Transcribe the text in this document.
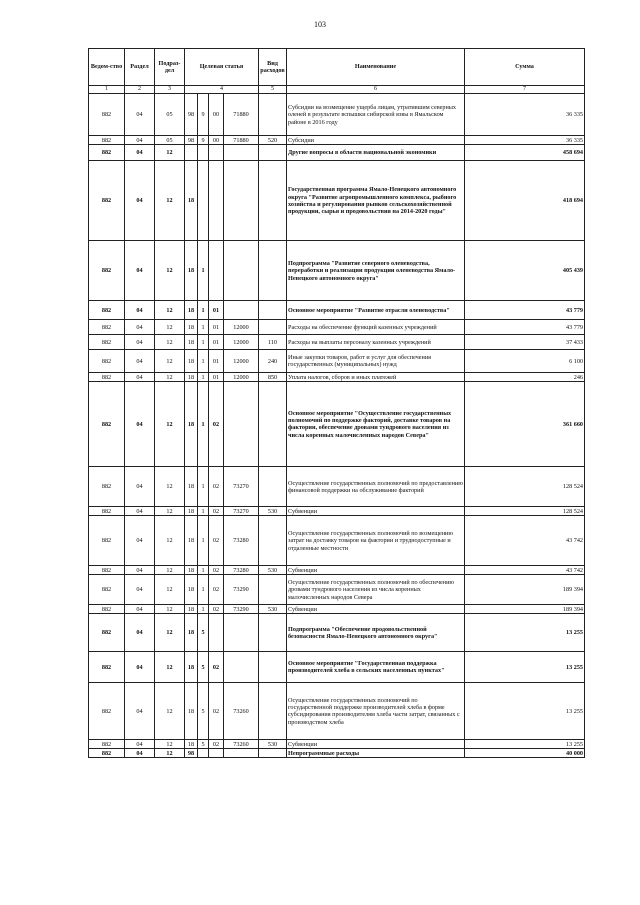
103
Ведом-ство	Раздел	Подраз-дел	Целевая статья				Вид расходов	Наименование	Сумма
1	2	3	4				5	6	7
882	04	05	98	9	00	71880		Субсидии на возмещение ущерба лицам, утратившим северных оленей в результате вспышки сибирской язвы в Ямальском районе в 2016 году	36 335
882	04	05	98	9	00	71880	520	Субсидии	36 335
882	04	12						Другие вопросы в области национальной экономики	458 694
882	04	12	18					Государственная программа Ямало-Ненецкого автономного округа "Развитие агропромышленного комплекса, рыбного хозяйства и регулирования рынков сельскохозяйственной продукции, сырья и продовольствия на 2014-2020 годы"	418 694
882	04	12	18	1				Подпрограмма "Развитие северного оленеводства, переработки и реализации продукции оленеводства Ямало-Ненецкого автономного округа"	405 439
882	04	12	18	1	01			Основное мероприятие "Развитие отрасли оленеводства"	43 779
882	04	12	18	1	01	12000		Расходы на обеспечение функций казенных учреждений	43 779
882	04	12	18	1	01	12000	110	Расходы на выплаты персоналу казенных учреждений	37 433
882	04	12	18	1	01	12000	240	Иные закупки товаров, работ и услуг для обеспечения государственных (муниципальных) нужд	6 100
882	04	12	18	1	01	12000	850	Уплата налогов, сборов и иных платежей	246
882	04	12	18	1	02			Основное мероприятие "Осуществление государственных полномочий по поддержке факторий, доставке товаров на фактории, обеспечение дровами тундрового населения из числа коренных малочисленных народов Севера"	361 660
882	04	12	18	1	02	73270		Осуществление государственных полномочий по предоставлению финансовой поддержки на обслуживание факторий	128 524
882	04	12	18	1	02	73270	530	Субвенции	128 524
882	04	12	18	1	02	73280		Осуществление государственных полномочий по возмещению затрат на доставку товаров на фактории и труднодоступные и отдаленные местности	43 742
882	04	12	18	1	02	73280	530	Субвенции	43 742
882	04	12	18	1	02	73290		Осуществление государственных полномочий по обеспечению дровами тундрового населения из числа коренных малочисленных народов Севера	189 394
882	04	12	18	1	02	73290	530	Субвенции	189 394
882	04	12	18	5				Подпрограмма "Обеспечение продовольственной безопасности Ямало-Ненецкого автономного округа"	13 255
882	04	12	18	5	02			Основное мероприятие "Государственная поддержка производителей хлеба в сельских населенных пунктах"	13 255
882	04	12	18	5	02	73260		Осуществление государственных полномочий по государственной поддержке производителей хлеба в форме субсидирования производителям хлеба части затрат, связанных с производством хлеба	13 255
882	04	12	18	5	02	73260	530	Субвенции	13 255
882	04	12	98					Непрограммные расходы	40 000
